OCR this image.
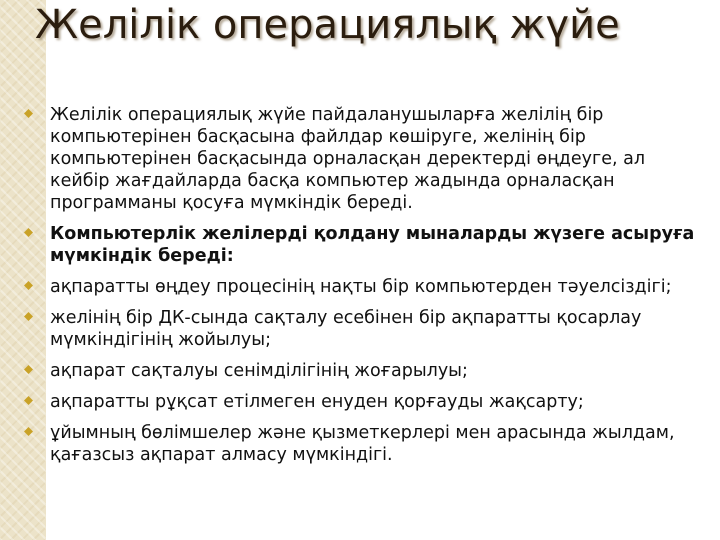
Желілік операциялық жүйе
Желілік операциялық жүйе пайдаланушыларға желілің бір компьютерінен басқасына файлдар көшіруге, желінің бір компьютерінен басқасында орналасқан деректерді өңдеуге, ал кейбір жағдайларда басқа компьютер жадында орналасқан программаны қосуға мүмкіндік береді.
Компьютерлік желілерді қолдану мыналарды жүзеге асыруға мүмкіндік береді:
ақпаратты өңдеу процесінің нақты бір компьютерден тәуелсіздігі;
желінің бір ДК-сында сақталу есебінен бір ақпаратты қосарлау мүмкіндігінің жойылуы;
ақпарат сақталуы сенімділігінің жоғарылуы;
ақпаратты рұқсат етілмеген енуден қорғауды жақсарту;
ұйымның бөлімшелер және қызметкерлері мен арасында жылдам, қағазсыз ақпарат алмасу мүмкіндігі.
